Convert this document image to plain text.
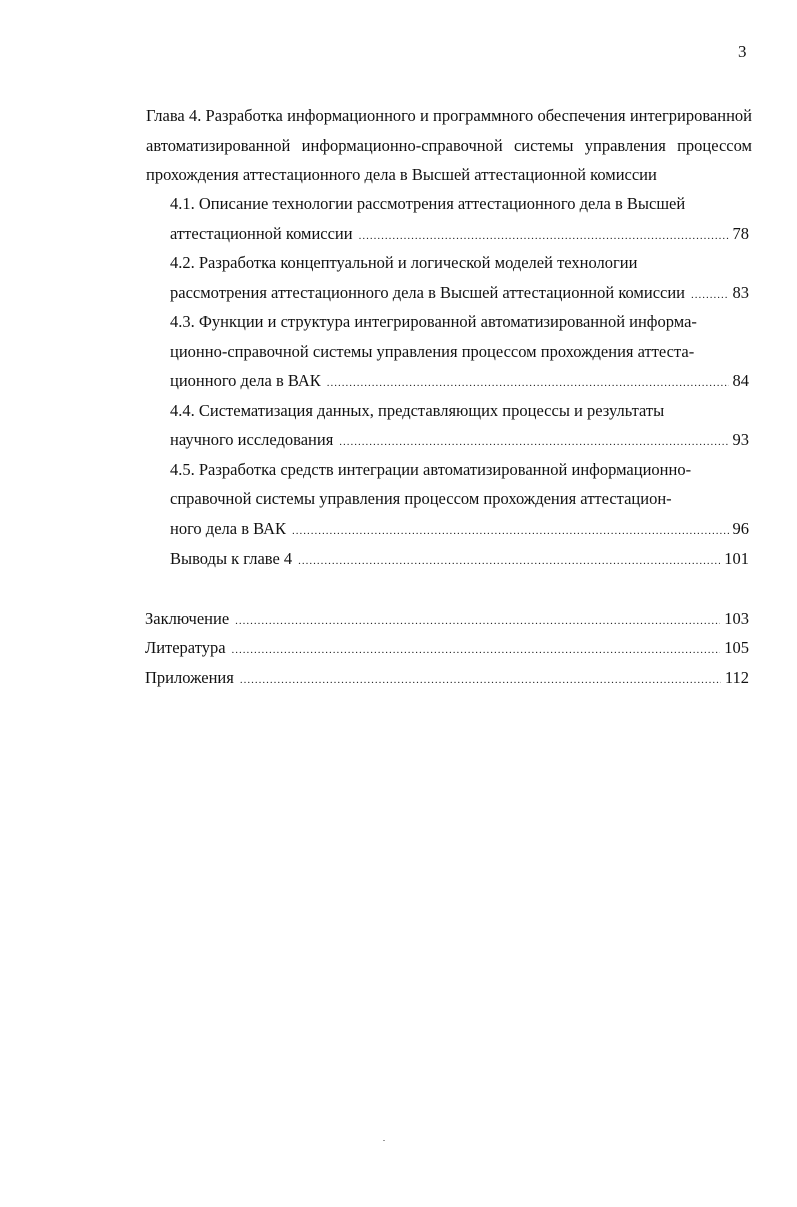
3
Глава 4. Разработка информационного и программного обеспечения интегрированной автоматизированной информационно-справочной системы управления процессом прохождения аттестационного дела в Высшей аттестационной комиссии
4.1. Описание технологии рассмотрения аттестационного дела в Высшей
аттестационной комиссии .....	78
4.2. Разработка концептуальной и логической моделей технологии
рассмотрения аттестационного дела в Высшей аттестационной комиссии .....	83
4.3. Функции и структура интегрированной автоматизированной информа-
ционно-справочной системы управления процессом прохождения аттеста-
ционного дела в ВАК .....	84
4.4. Систематизация данных, представляющих процессы и результаты
научного исследования .....	93
4.5. Разработка средств интеграции автоматизированной информационно-
справочной системы управления процессом прохождения аттестацион-
ного дела в ВАК .....	96
Выводы к главе 4 .....	101
Заключение .....	103
Литература .....	105
Приложения .....	112
